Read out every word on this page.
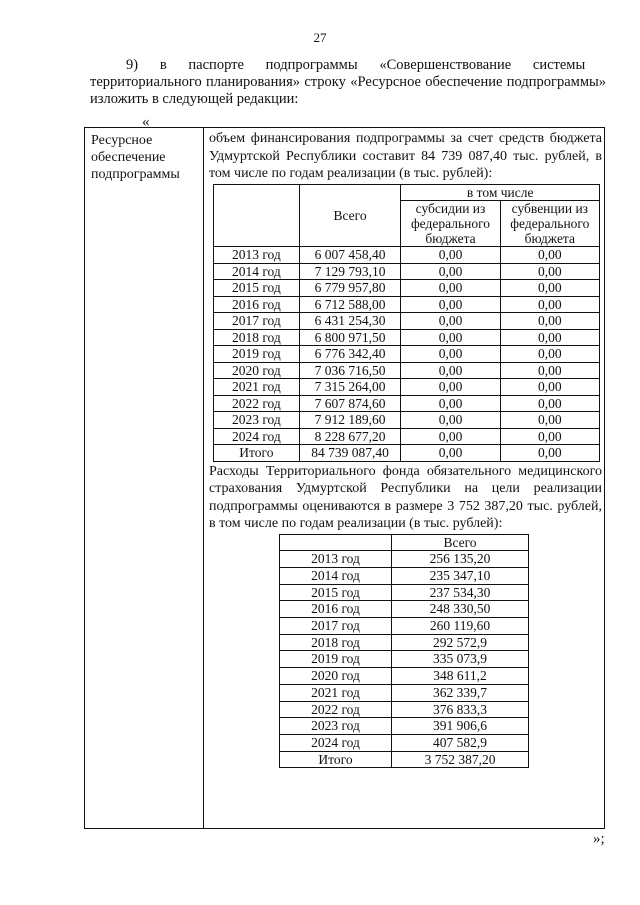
27
9)      в      паспорте      подпрограммы      «Совершенствование      системы
территориального планирования» строку «Ресурсное обеспечение подпрограммы» изложить в следующей редакции:
«
Ресурсное обеспечение подпрограммы
объем финансирования подпрограммы за счет средств бюджета Удмуртской Республики составит 84 739 087,40 тыс. рублей, в том числе по годам реализации (в тыс. рублей):
	Всего	в том числе	
		субсидии из федерального бюджета	субвенции из федерального бюджета
2013 год	6 007 458,40	0,00	0,00
2014 год	7 129 793,10	0,00	0,00
2015 год	6 779 957,80	0,00	0,00
2016 год	6 712 588,00	0,00	0,00
2017 год	6 431 254,30	0,00	0,00
2018 год	6 800 971,50	0,00	0,00
2019 год	6 776 342,40	0,00	0,00
2020 год	7 036 716,50	0,00	0,00
2021 год	7 315 264,00	0,00	0,00
2022 год	7 607 874,60	0,00	0,00
2023 год	7 912 189,60	0,00	0,00
2024 год	8 228 677,20	0,00	0,00
Итого	84 739 087,40	0,00	0,00
Расходы Территориального фонда обязательного медицинского страхования Удмуртской Республики на цели реализации подпрограммы оцениваются в размере 3 752 387,20 тыс. рублей, в том числе по годам реализации (в тыс. рублей):
	Всего
2013 год	256 135,20
2014 год	235 347,10
2015 год	237 534,30
2016 год	248 330,50
2017 год	260 119,60
2018 год	292 572,9
2019 год	335 073,9
2020 год	348 611,2
2021 год	362 339,7
2022 год	376 833,3
2023 год	391 906,6
2024 год	407 582,9
Итого	3 752 387,20
»;
